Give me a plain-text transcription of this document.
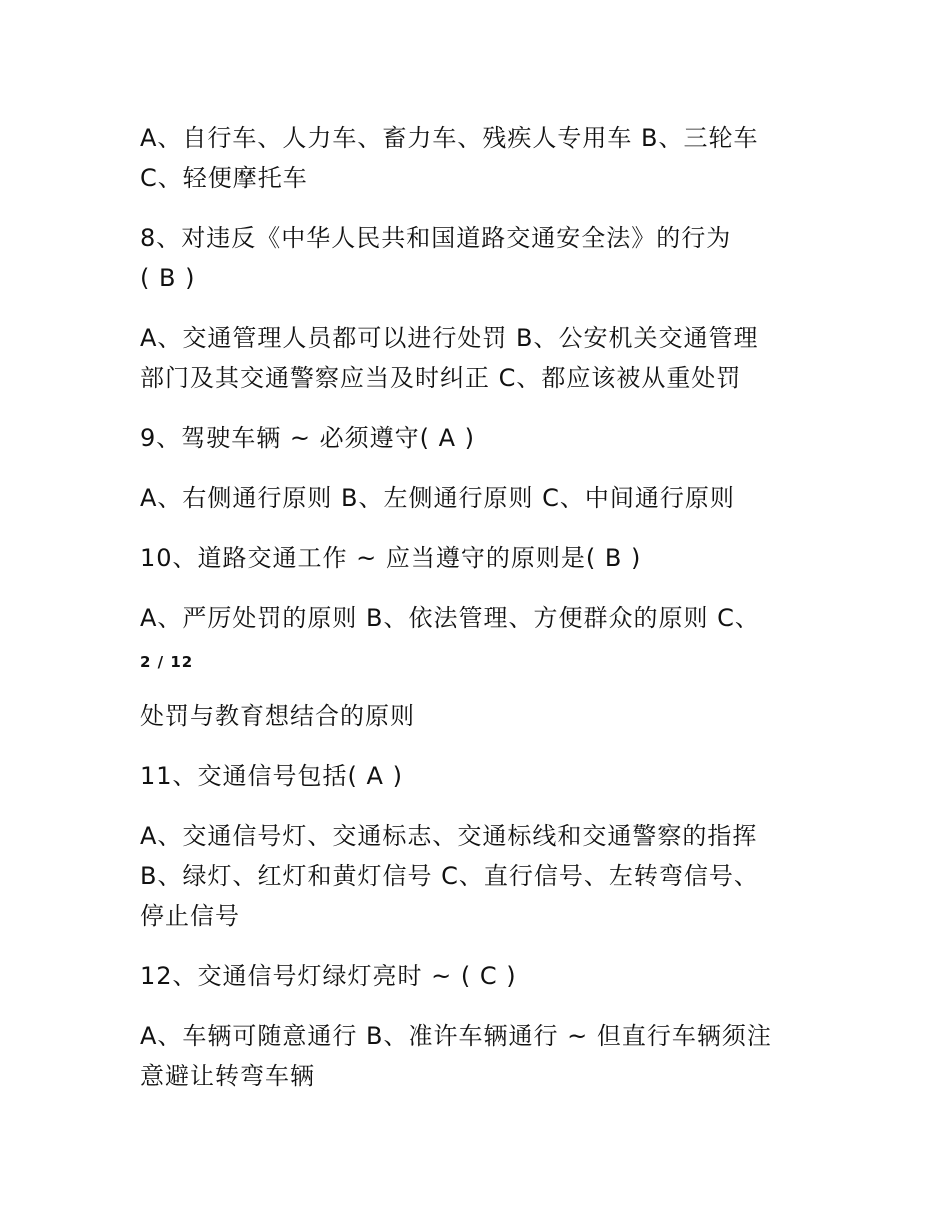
A、自行车、人力车、畜力车、残疾人专用车 B、三轮车
C、轻便摩托车
8、对违反《中华人民共和国道路交通安全法》的行为
( B )
A、交通管理人员都可以进行处罚 B、公安机关交通管理
部门及其交通警察应当及时纠正 C、都应该被从重处罚
9、驾驶车辆 ~ 必须遵守( A )
A、右侧通行原则 B、左侧通行原则 C、中间通行原则
10、道路交通工作 ~ 应当遵守的原则是( B )
A、严厉处罚的原则 B、依法管理、方便群众的原则 C、
2 / 12
处罚与教育想结合的原则
11、交通信号包括( A )
A、交通信号灯、交通标志、交通标线和交通警察的指挥
B、绿灯、红灯和黄灯信号 C、直行信号、左转弯信号、
停止信号
12、交通信号灯绿灯亮时 ~ ( C )
A、车辆可随意通行 B、准许车辆通行 ~ 但直行车辆须注
意避让转弯车辆
